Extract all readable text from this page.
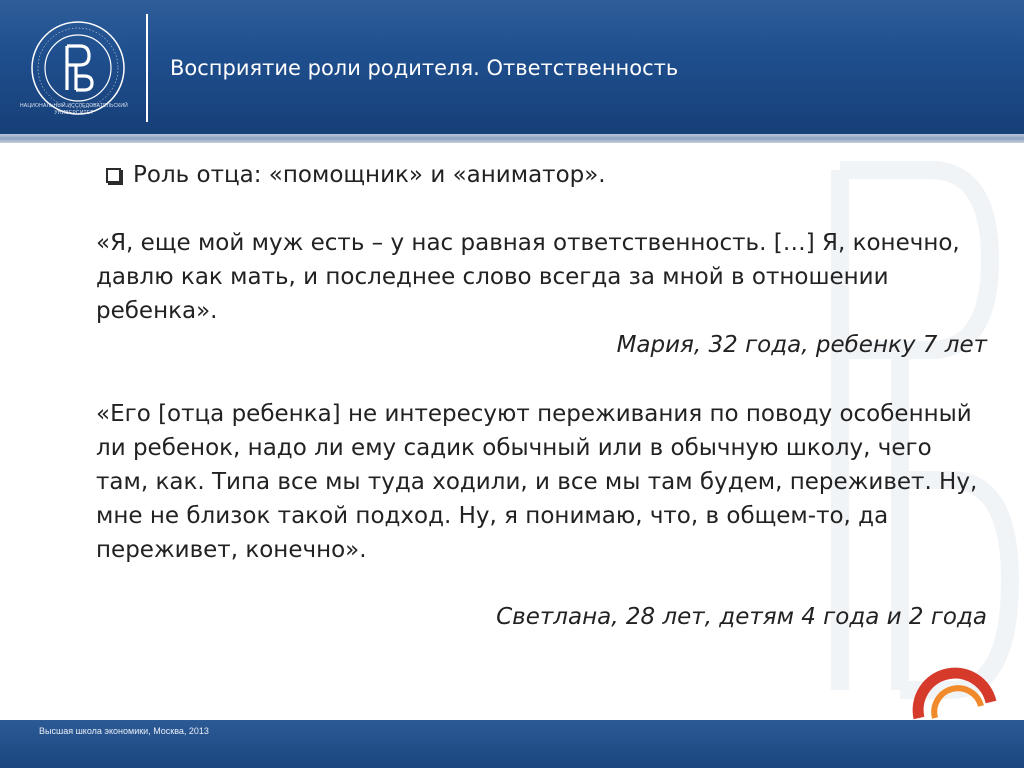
НАЦИОНАЛЬНЫЙ ИССЛЕДОВАТЕЛЬСКИЙ УНИВЕРСИТЕТ
Восприятие роли родителя. Ответственность
Роль отца: «помощник» и «аниматор».
«Я, еще мой муж есть – у нас равная ответственность. […] Я, конечно, давлю как мать, и последнее слово всегда за мной в отношении ребенка».
Мария, 32 года, ребенку 7 лет
«Его [отца ребенка] не интересуют переживания по поводу особенный ли ребенок, надо ли ему садик обычный или в обычную школу, чего там, как. Типа все мы туда ходили, и все мы там будем, переживет. Ну, мне не близок такой подход. Ну, я понимаю, что, в общем-то, да переживет, конечно».
Светлана, 28 лет, детям 4 года и 2 года
Высшая школа экономики, Москва, 2013
